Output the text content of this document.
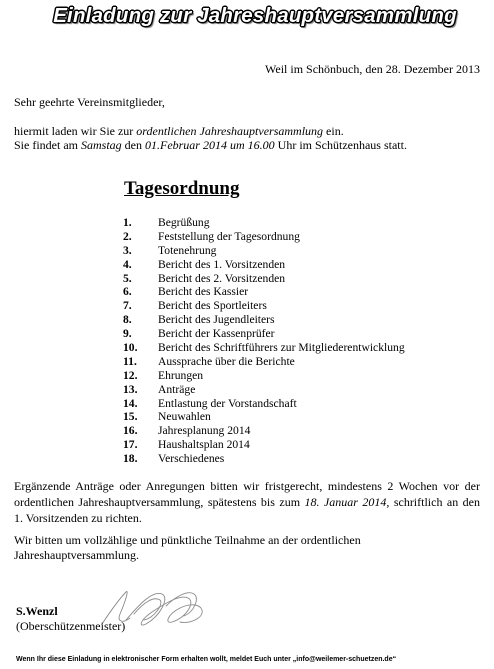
Einladung zur Jahreshauptversammlung
Weil im Schönbuch, den 28. Dezember 2013
Sehr geehrte Vereinsmitglieder,
hiermit laden wir Sie zur ordentlichen Jahreshauptversammlung ein.
Sie findet am Samstag den 01.Februar 2014 um 16.00 Uhr im Schützenhaus statt.
Tagesordnung
1.	Begrüßung
2.	Feststellung der Tagesordnung
3.	Totenehrung
4.	Bericht des 1. Vorsitzenden
5.	Bericht des 2. Vorsitzenden
6.	Bericht des Kassier
7.	Bericht des Sportleiters
8.	Bericht des Jugendleiters
9.	Bericht der Kassenprüfer
10.	Bericht des Schriftführers zur Mitgliederentwicklung
11.	Aussprache über die Berichte
12.	Ehrungen
13.	Anträge
14.	Entlastung der Vorstandschaft
15.	Neuwahlen
16.	Jahresplanung 2014
17.	Haushaltsplan 2014
18.	Verschiedenes
Ergänzende Anträge oder Anregungen bitten wir fristgerecht, mindestens 2 Wochen vor der
ordentlichen Jahreshauptversammlung, spätestens bis zum 18. Januar 2014, schriftlich an den
1. Vorsitzenden zu richten.
Wir bitten um vollzählige und pünktliche Teilnahme an der ordentlichen
Jahreshauptversammlung.
S.Wenzl
(Oberschützenmeister)
Wenn Ihr diese Einladung in elektronischer Form erhalten wollt, meldet Euch unter „info@weilemer-schuetzen.de“
